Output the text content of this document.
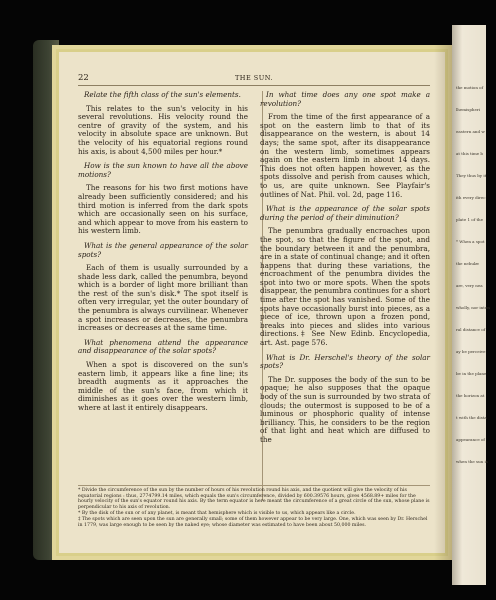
22	THE SUN.
Relate the fifth class of the sun's elements.
This relates to the sun's velocity in his several revolutions. His velocity round the centre of gravity of the system, and his velocity in absolute space are unknown. But the velocity of his equatorial regions round his axis, is about 4,500 miles per hour.*
How is the sun known to have all the above motions?
The reasons for his two first motions have already been sufficiently considered; and his third motion is inferred from the dark spots which are occasionally seen on his surface, and which appear to move from his eastern to his western limb.
What is the general appearance of the solar spots?
Each of them is usually surrounded by a shade less dark, called the penumbra, beyond which is a border of light more brilliant than the rest of the sun's disk.* The spot itself is often very irregular, yet the outer boundary of the penumbra is always curvilinear. Whenever a spot increases or decreases, the penumbra increases or decreases at the same time.
What phenomena attend the appearance and disappearance of the solar spots?
When a spot is discovered on the sun's eastern limb, it appears like a fine line; its breadth augments as it approaches the middle of the sun's face, from which it diminishes as it goes over the western limb, where at last it entirely disappears.
In what time does any one spot make a revolution?
From the time of the first appearance of a spot on the eastern limb to that of its disappearance on the western, is about 14 days; the same spot, after its disappearance on the western limb, sometimes appears again on the eastern limb in about 14 days. This does not often happen however, as the spots dissolve and perish from causes which, to us, are quite unknown. See Playfair's outlines of Nat. Phil. vol. 2d, page 116.
What is the appearance of the solar spots during the period of their diminution?
The penumbra gradually encroaches upon the spot, so that the figure of the spot, and the boundary between it and the penumbra, are in a state of continual change; and it often happens that during these variations, the encroachment of the penumbra divides the spot into two or more spots. When the spots disappear, the penumbra continues for a short time after the spot has vanished. Some of the spots have occasionally burst into pieces, as a piece of ice, thrown upon a frozen pond, breaks into pieces and slides into various directions.‡ See New Edinb. Encyclopedia, art. Ast. page 576.
What is Dr. Herschel's theory of the solar spots?
The Dr. supposes the body of the sun to be opaque; he also supposes that the opaque body of the sun is surrounded by two strata of clouds; the outermost is supposed to be of a luminous or phosphoric quality of intense brilliancy. This, he considers to be the region of that light and heat which are diffused to the
* Divide the circumference of the sun by the number of hours of his revolution round his axis, and the quotient will give the velocity of his equatorial regions : thus, 2774799.14 miles, which equals the sun's circumference, divided by 600.39576 hours, gives 4568.89+ miles for the hourly velocity of the sun's equator round his axis. By the term equator is here meant the circumference of a great circle of the sun, whose plane is perpendicular to his axis of revolution.
* By the disk of the sun or of any planet, is meant that hemisphere which is visible to us, which appears like a circle.
‡ The spots which are seen upon the sun are generally small; some of them however appear to be very large. One, which was seen by Dr. Herschel in 1779, was large enough to be seen by the naked eye; whose diameter was estimated to have been about 50,000 miles.
the motion of
lhemispheri
eastern and w
at this time b
They thus by it
ith every direc
plate 1 of the
* When a spot
the nebulæ
are, very nea
wholly, nor inten
ral distance of
ay be perceive
be in the plane
the horizon at
t with the dista
appearance of
when the sun is
